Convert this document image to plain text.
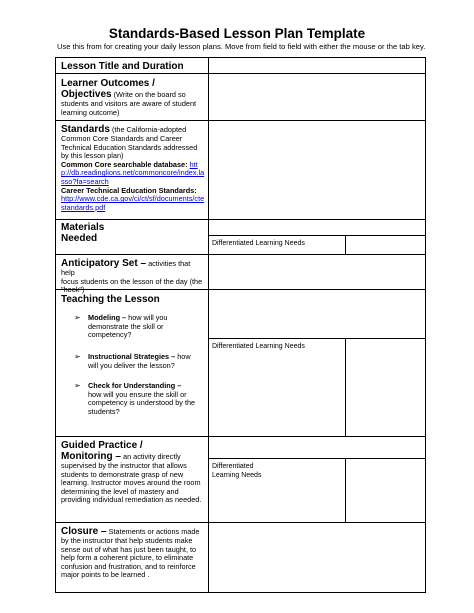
Standards-Based Lesson Plan Template
Use this from for creating your daily lesson plans. Move from field to field with either the mouse or the tab key.
Lesson Title and Duration
Learner Outcomes /
Objectives (Write on the board so
students and visitors are aware of student learning outcome)
Standards (the California-adopted Common Core Standards and Career Technical Education Standards addressed by this lesson plan)
Common Core searchable database: http://db.readinglions.net/commoncore/index.lasso?fa=search
Career Technical Education Standards:
http://www.cde.ca.gov/ci/ct/sf/documents/ctestandards.pdf
Materials
Needed	Differentiated Learning Needs
Anticipatory Set – activities that help
focus students on the lesson of the day (the "hook")
Teaching the Lesson
➢ Modeling – how will you
demonstrate the skill or competency?
➢ Instructional Strategies – how
will you deliver the lesson?
➢ Check for Understanding –
how will you ensure the skill or competency is understood by the students?
Differentiated Learning Needs
Guided Practice /
Monitoring – an activity directly
supervised by the instructor that allows students to demonstrate grasp of new learning. Instructor moves around the room determining the level of mastery and providing individual remediation as needed.
Differentiated
Learning Needs
Closure – Statements or actions made
by the instructor that help students make sense out of what has just been taught, to help form a coherent picture, to eliminate confusion and frustration, and to reinforce major points to be learned .
